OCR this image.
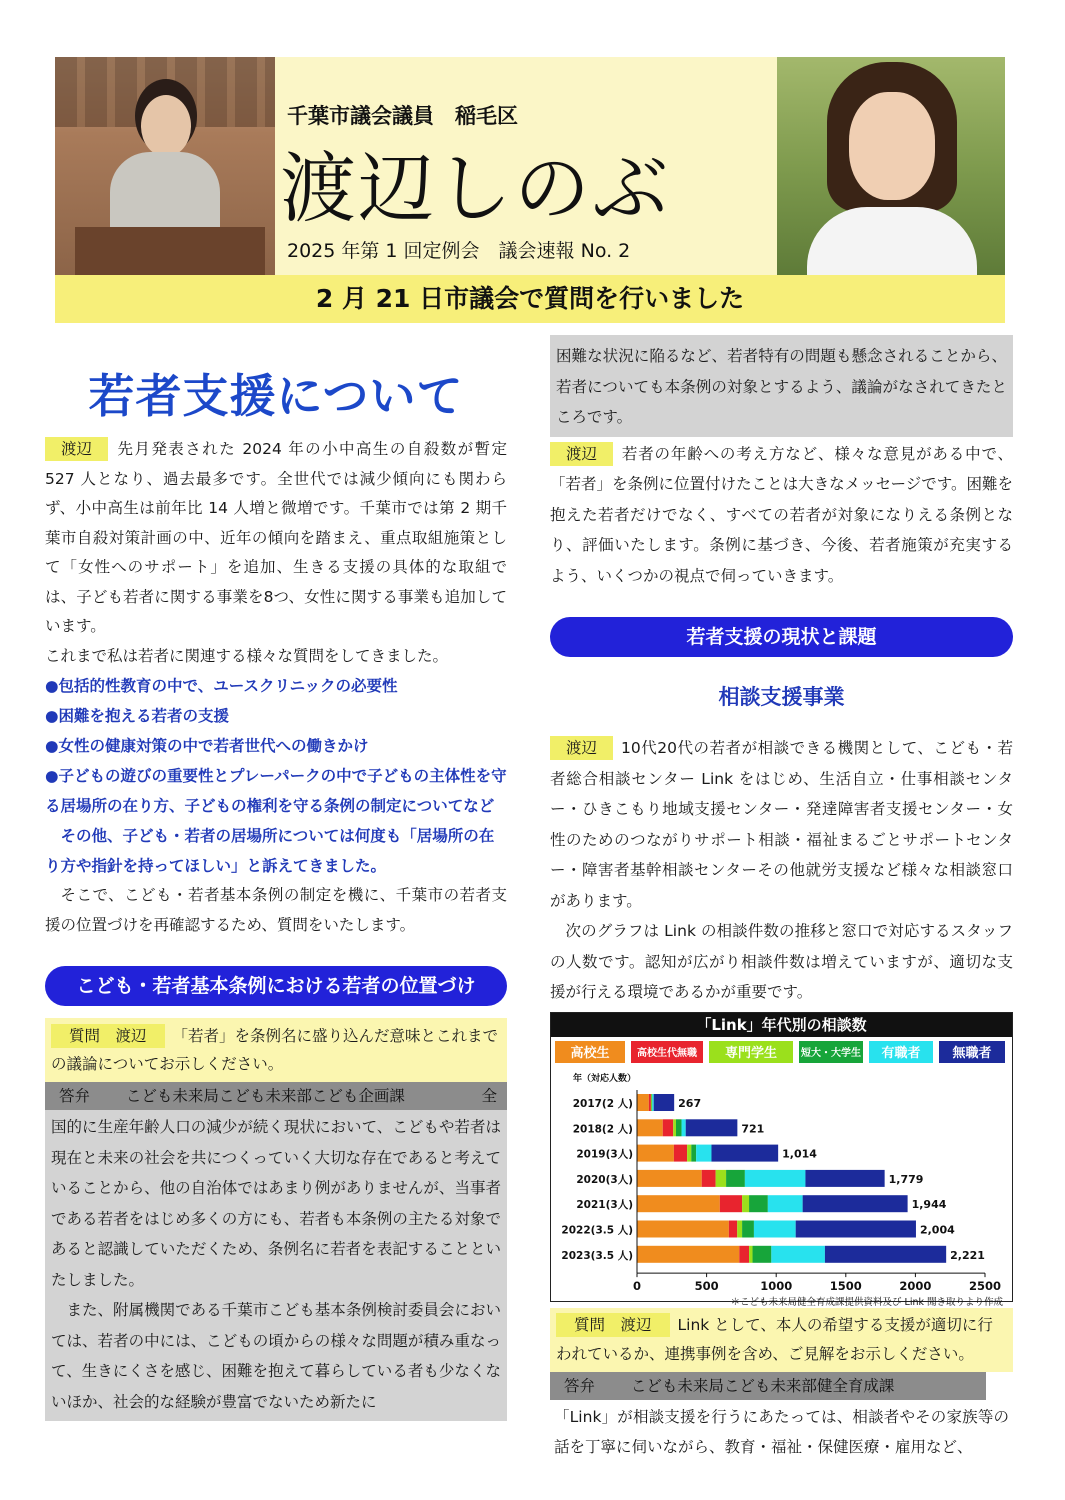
千葉市議会議員　稲毛区
渡辺しのぶ
2025 年第 1 回定例会　議会速報 No. 2
2 月 21 日市議会で質問を行いました
若者支援について

渡辺 先月発表された 2024 年の小中高生の自殺数が暫定 527 人となり、過去最多です。全世代では減少傾向にも関わらず、小中高生は前年比 14 人増と微増です。千葉市では第 2 期千葉市自殺対策計画の中、近年の傾向を踏まえ、重点取組施策として「女性へのサポート」を追加、生きる支援の具体的な取組では、子ども若者に関する事業を8つ、女性に関する事業も追加しています。

これまで私は若者に関連する様々な質問をしてきました。

●包括的性教育の中で、ユースクリニックの必要性
●困難を抱える若者の支援
●女性の健康対策の中で若者世代への働きかけ
●子どもの遊びの重要性とプレーパークの中で子どもの主体性を守る居場所の在り方、子どもの権利を守る条例の制定についてなど

その他、子ども・若者の居場所については何度も「居場所の在り方や指針を持ってほしい」と訴えてきました。

そこで、こども・若者基本条例の制定を機に、千葉市の若者支援の位置づけを再確認するため、質問をいたします。

こども・若者基本条例における若者の位置づけ
質問　渡辺 「若者」を条例名に盛り込んだ意味とこれまでの議論についてお示しください。
答弁 こども未来局こども未来部こども企画課	全

国的に生産年齢人口の減少が続く現状において、こどもや若者は現在と未来の社会を共につくっていく大切な存在であると考えていることから、他の自治体ではあまり例がありませんが、当事者である若者をはじめ多くの方にも、若者も本条例の主たる対象であると認識していただくため、条例名に若者を表記することといたしました。

また、附属機関である千葉市こども基本条例検討委員会においては、若者の中には、こどもの頃からの様々な問題が積み重なって、生きにくさを感じ、困難を抱えて暮らしている者も少なくないほか、社会的な経験が豊富でないため新たに

困難な状況に陥るなど、若者特有の問題も懸念されることから、若者についても本条例の対象とするよう、議論がなされてきたところです。

渡辺 若者の年齢への考え方など、様々な意見がある中で、「若者」を条例に位置付けたことは大きなメッセージです。困難を抱えた若者だけでなく、すべての若者が対象になりえる条例となり、評価いたします。条例に基づき、今後、若者施策が充実するよう、いくつかの視点で伺っていきます。

若者支援の現状と課題
相談支援事業

渡辺 10代20代の若者が相談できる機関として、こども・若者総合相談センター Link をはじめ、生活自立・仕事相談センター・ひきこもり地域支援センター・発達障害者支援センター・女性のためのつながりサポート相談・福祉まるごとサポートセンター・障害者基幹相談センターその他就労支援など様々な相談窓口があります。

次のグラフは Link の相談件数の推移と窓口で対応するスタッフの人数です。認知が広がり相談件数は増えていますが、適切な支援が行える環境であるかが重要です。

「Link」年代別の相談数
高校生	高校生代無職 専門学生 短大・大学生 有職者 無職者
年（対応人数）
2017(2 人)	267
2018(2 人)	721
2019(3人)	1,014
2020(3人)	1,779
2021(3人)	1,944
2022(3.5 人)	2,004
2023(3.5 人)	2,221
0	500	1000	1500	2000	2500
＊こども未来局健全育成課提供資料及び Link 聞き取りより作成
質問　渡辺 Link として、本人の希望する支援が適切に行われているか、連携事例を含め、ご見解をお示しください。
答弁 こども未来局こども未来部健全育成課

「Link」が相談支援を行うにあたっては、相談者やその家族等の話を丁寧に伺いながら、教育・福祉・保健医療・雇用など、
